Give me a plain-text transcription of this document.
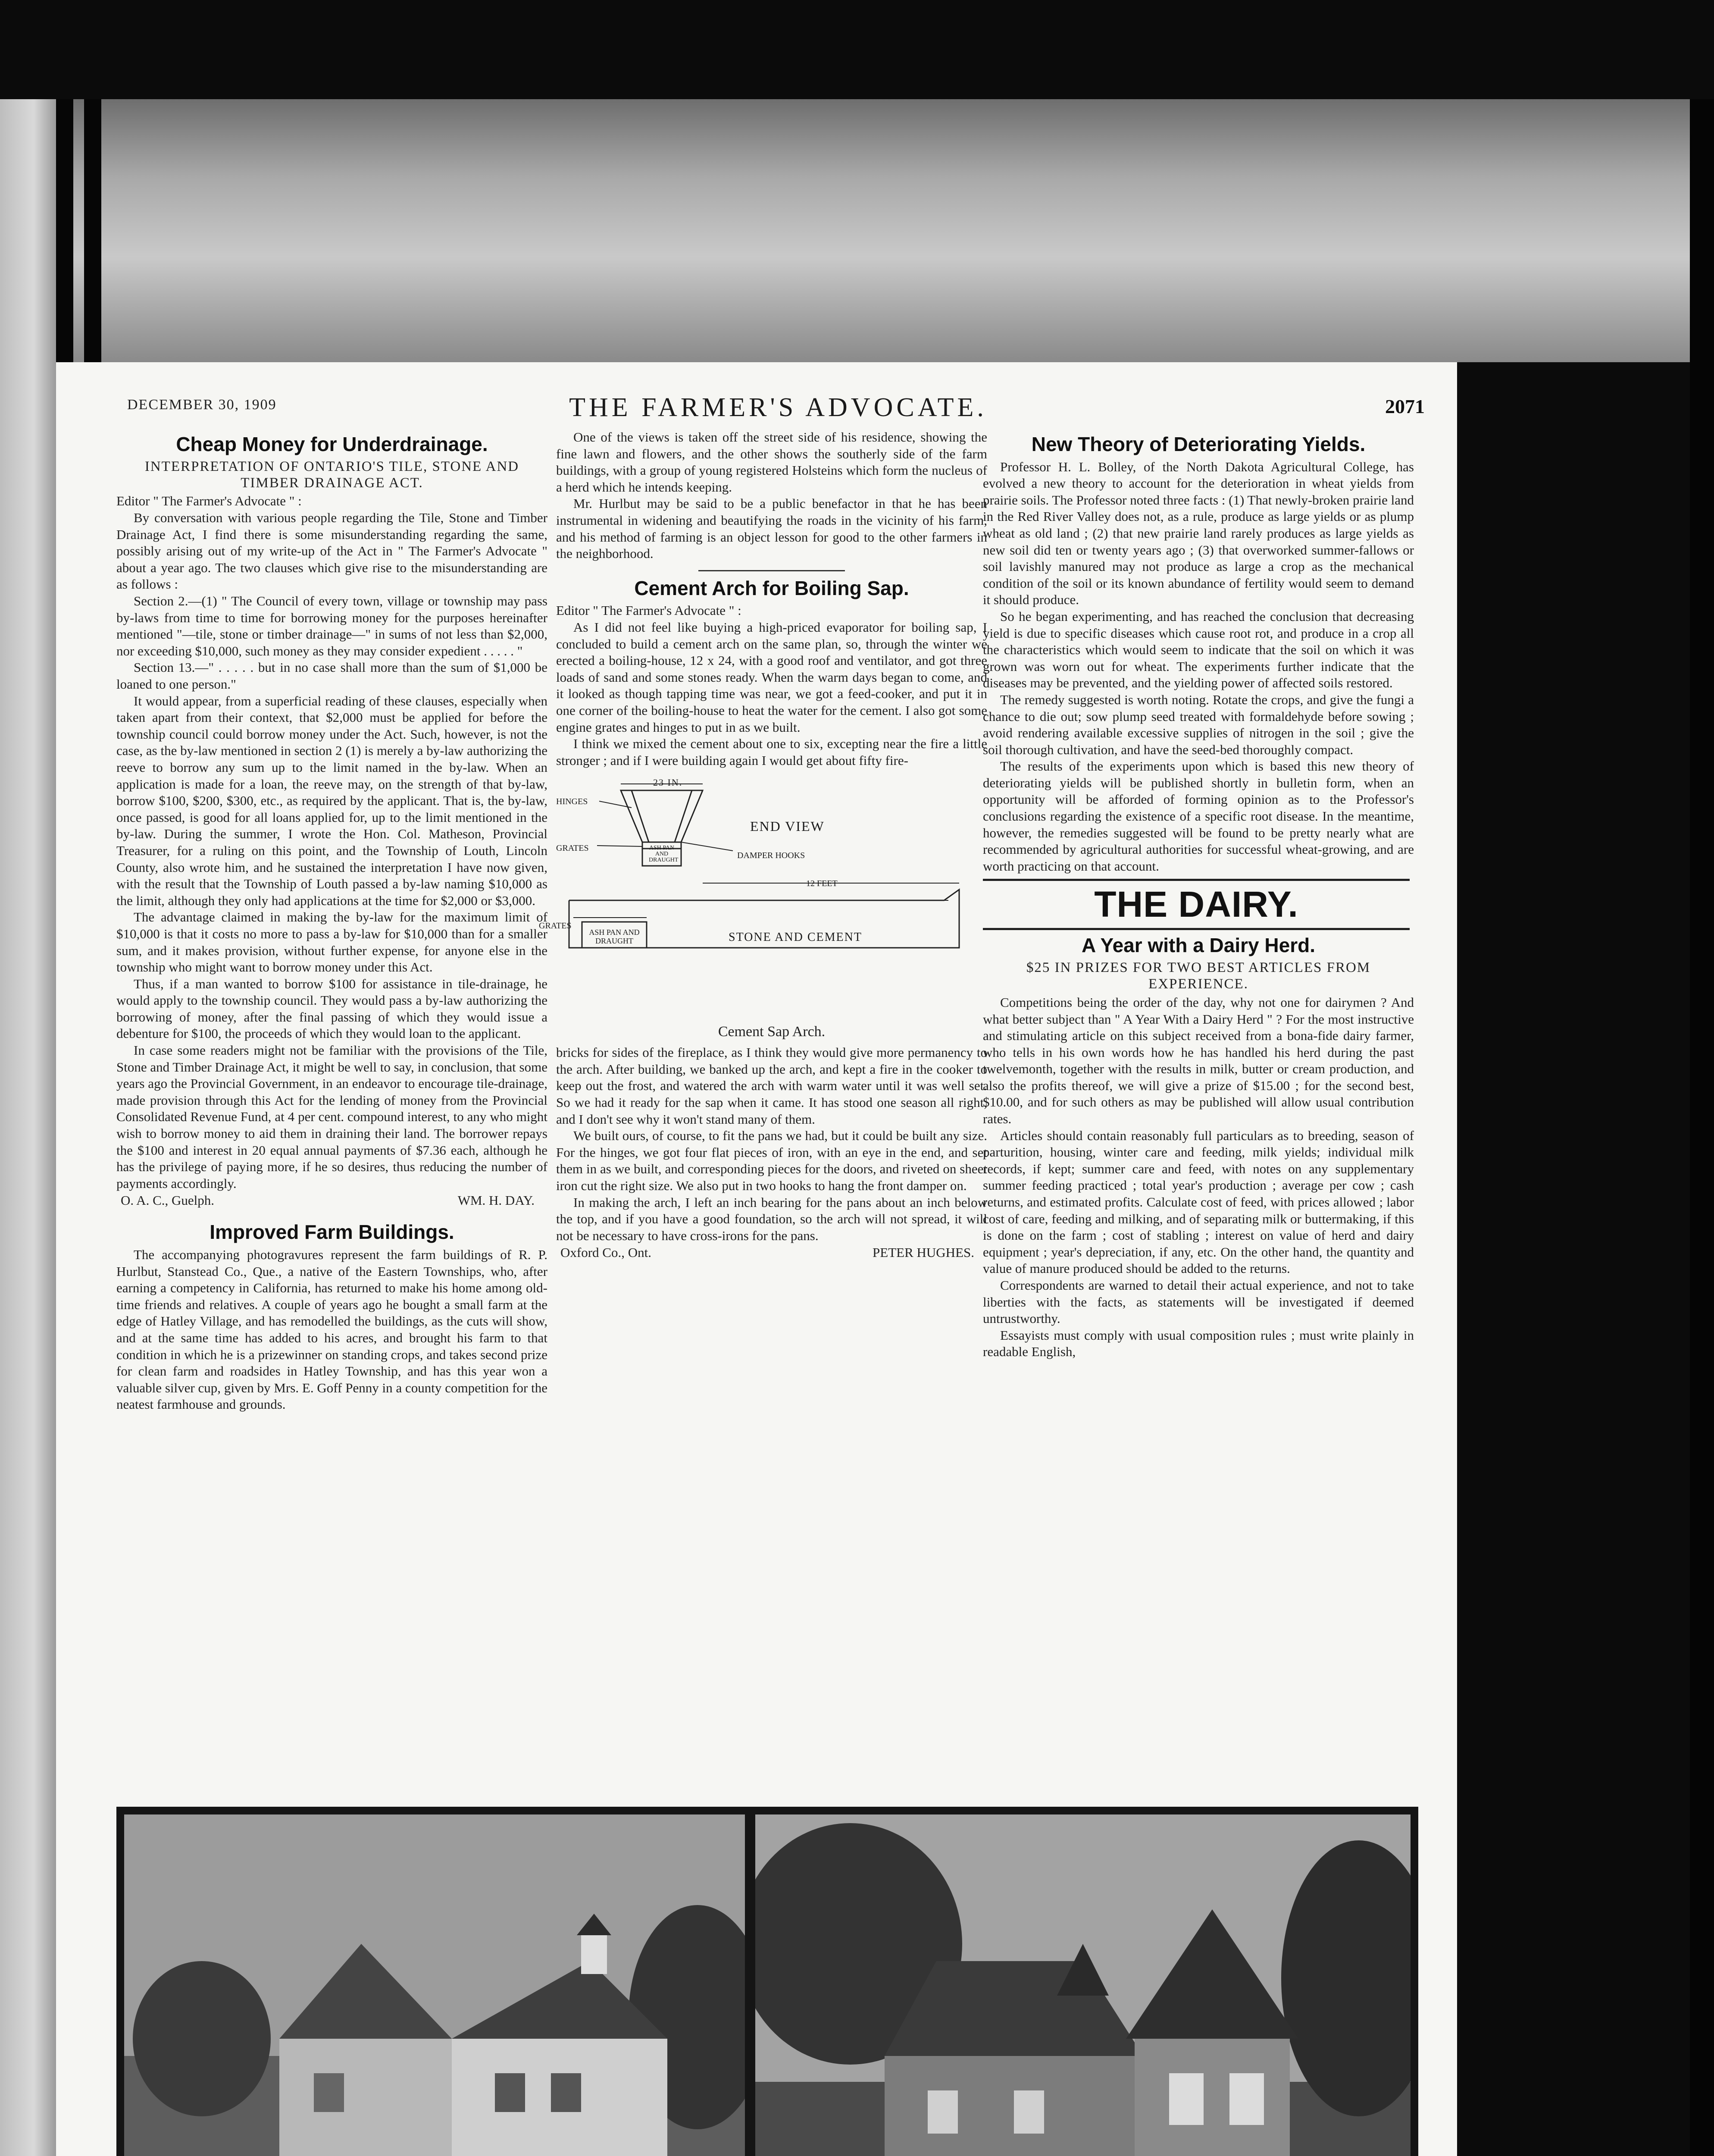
DECEMBER 30, 1909	THE FARMER'S ADVOCATE.	2071
Cheap Money for Underdrainage.
INTERPRETATION OF ONTARIO'S TILE, STONE AND TIMBER DRAINAGE ACT.

Editor " The Farmer's Advocate " :

By conversation with various people regarding the Tile, Stone and Timber Drainage Act, I find there is some misunderstanding regarding the same, possibly arising out of my write-up of the Act in " The Farmer's Advocate " about a year ago. The two clauses which give rise to the misunderstanding are as follows :

Section 2.—(1) " The Council of every town, village or township may pass by-laws from time to time for borrowing money for the purposes hereinafter mentioned "—tile, stone or timber drainage—" in sums of not less than $2,000, nor exceeding $10,000, such money as they may consider expedient . . . . . "

Section 13.—" . . . . . but in no case shall more than the sum of $1,000 be loaned to one person."

It would appear, from a superficial reading of these clauses, especially when taken apart from their context, that $2,000 must be applied for before the township council could borrow money under the Act. Such, however, is not the case, as the by-law mentioned in section 2 (1) is merely a by-law authorizing the reeve to borrow any sum up to the limit named in the by-law. When an application is made for a loan, the reeve may, on the strength of that by-law, borrow $100, $200, $300, etc., as required by the applicant. That is, the by-law, once passed, is good for all loans applied for, up to the limit mentioned in the by-law. During the summer, I wrote the Hon. Col. Matheson, Provincial Treasurer, for a ruling on this point, and the Township of Louth, Lincoln County, also wrote him, and he sustained the interpretation I have now given, with the result that the Township of Louth passed a by-law naming $10,000 as the limit, although they only had applications at the time for $2,000 or $3,000.

The advantage claimed in making the by-law for the maximum limit of $10,000 is that it costs no more to pass a by-law for $10,000 than for a smaller sum, and it makes provision, without further expense, for anyone else in the township who might want to borrow money under this Act.

Thus, if a man wanted to borrow $100 for assistance in tile-drainage, he would apply to the township council. They would pass a by-law authorizing the borrowing of money, after the final passing of which they would issue a debenture for $100, the proceeds of which they would loan to the applicant.

In case some readers might not be familiar with the provisions of the Tile, Stone and Timber Drainage Act, it might be well to say, in conclusion, that some years ago the Provincial Government, in an endeavor to encourage tile-drainage, made provision through this Act for the lending of money from the Provincial Consolidated Revenue Fund, at 4 per cent. compound interest, to any who might wish to borrow money to aid them in draining their land. The borrower repays the $100 and interest in 20 equal annual payments of $7.36 each, although he has the privilege of paying more, if he so desires, thus reducing the number of payments accordingly.

O. A. C., Guelph.	WM. H. DAY.
Improved Farm Buildings.

The accompanying photogravures represent the farm buildings of R. P. Hurlbut, Stanstead Co., Que., a native of the Eastern Townships, who, after earning a competency in California, has returned to make his home among old-time friends and relatives. A couple of years ago he bought a small farm at the edge of Hatley Village, and has remodelled the buildings, as the cuts will show, and at the same time has added to his acres, and brought his farm to that condition in which he is a prizewinner on standing crops, and takes second prize for clean farm and roadsides in Hatley Township, and has this year won a valuable silver cup, given by Mrs. E. Goff Penny in a county competition for the neatest farmhouse and grounds.

One of the views is taken off the street side of his residence, showing the fine lawn and flowers, and the other shows the southerly side of the farm buildings, with a group of young registered Holsteins which form the nucleus of a herd which he intends keeping.

Mr. Hurlbut may be said to be a public benefactor in that he has been instrumental in widening and beautifying the roads in the vicinity of his farm, and his method of farming is an object lesson for good to the other farmers in the neighborhood.

Cement Arch for Boiling Sap.

Editor " The Farmer's Advocate " :

As I did not feel like buying a high-priced evaporator for boiling sap, I concluded to build a cement arch on the same plan, so, through the winter we erected a boiling-house, 12 x 24, with a good roof and ventilator, and got three loads of sand and some stones ready. When the warm days began to come, and it looked as though tapping time was near, we got a feed-cooker, and put it in one corner of the boiling-house to heat the water for the cement. I also got some engine grates and hinges to put in as we built.

I think we mixed the cement about one to six, excepting near the fire a little stronger ; and if I were building again I would get about fifty fire-

23 IN.
HINGES
END VIEW
GRATES	ASH PAN AND DRAUGHT	DAMPER HOOKS
12 FEET
GRATES
ASH PAN AND DRAUGHT	STONE AND CEMENT
Cement Sap Arch.

bricks for sides of the fireplace, as I think they would give more permanency to the arch. After building, we banked up the arch, and kept a fire in the cooker to keep out the frost, and watered the arch with warm water until it was well set. So we had it ready for the sap when it came. It has stood one season all right, and I don't see why it won't stand many of them.

We built ours, of course, to fit the pans we had, but it could be built any size. For the hinges, we got four flat pieces of iron, with an eye in the end, and set them in as we built, and corresponding pieces for the doors, and riveted on sheet iron cut the right size. We also put in two hooks to hang the front damper on.

In making the arch, I left an inch bearing for the pans about an inch below the top, and if you have a good foundation, so the arch will not spread, it will not be necessary to have cross-irons for the pans.

Oxford Co., Ont.	PETER HUGHES.
New Theory of Deteriorating Yields.

Professor H. L. Bolley, of the North Dakota Agricultural College, has evolved a new theory to account for the deterioration in wheat yields from prairie soils. The Professor noted three facts : (1) That newly-broken prairie land in the Red River Valley does not, as a rule, produce as large yields or as plump wheat as old land ; (2) that new prairie land rarely produces as large yields as new soil did ten or twenty years ago ; (3) that overworked summer-fallows or soil lavishly manured may not produce as large a crop as the mechanical condition of the soil or its known abundance of fertility would seem to demand it should produce.

So he began experimenting, and has reached the conclusion that decreasing yield is due to specific diseases which cause root rot, and produce in a crop all the characteristics which would seem to indicate that the soil on which it was grown was worn out for wheat. The experiments further indicate that the diseases may be prevented, and the yielding power of affected soils restored.

The remedy suggested is worth noting. Rotate the crops, and give the fungi a chance to die out; sow plump seed treated with formaldehyde before sowing ; avoid rendering available excessive supplies of nitrogen in the soil ; give the soil thorough cultivation, and have the seed-bed thoroughly compact.

The results of the experiments upon which is based this new theory of deteriorating yields will be published shortly in bulletin form, when an opportunity will be afforded of forming opinion as to the Professor's conclusions regarding the existence of a specific root disease. In the meantime, however, the remedies suggested will be found to be pretty nearly what are recommended by agricultural authorities for successful wheat-growing, and are worth practicing on that account.

THE DAIRY.
A Year with a Dairy Herd.
$25 IN PRIZES FOR TWO BEST ARTICLES FROM EXPERIENCE.

Competitions being the order of the day, why not one for dairymen ? And what better subject than " A Year With a Dairy Herd " ? For the most instructive and stimulating article on this subject received from a bona-fide dairy farmer, who tells in his own words how he has handled his herd during the past twelvemonth, together with the results in milk, butter or cream production, and also the profits thereof, we will give a prize of $15.00 ; for the second best, $10.00, and for such others as may be published will allow usual contribution rates.

Articles should contain reasonably full particulars as to breeding, season of parturition, housing, winter care and feeding, milk yields; individual milk records, if kept; summer care and feed, with notes on any supplementary summer feeding practiced ; total year's production ; average per cow ; cash returns, and estimated profits. Calculate cost of feed, with prices allowed ; labor cost of care, feeding and milking, and of separating milk or buttermaking, if this is done on the farm ; cost of stabling ; interest on value of herd and dairy equipment ; year's depreciation, if any, etc. On the other hand, the quantity and value of manure produced should be added to the returns.

Correspondents are warned to detail their actual experience, and not to take liberties with the facts, as statements will be investigated if deemed untrustworthy.

Essayists must comply with usual composition rules ; must write plainly in readable English,
